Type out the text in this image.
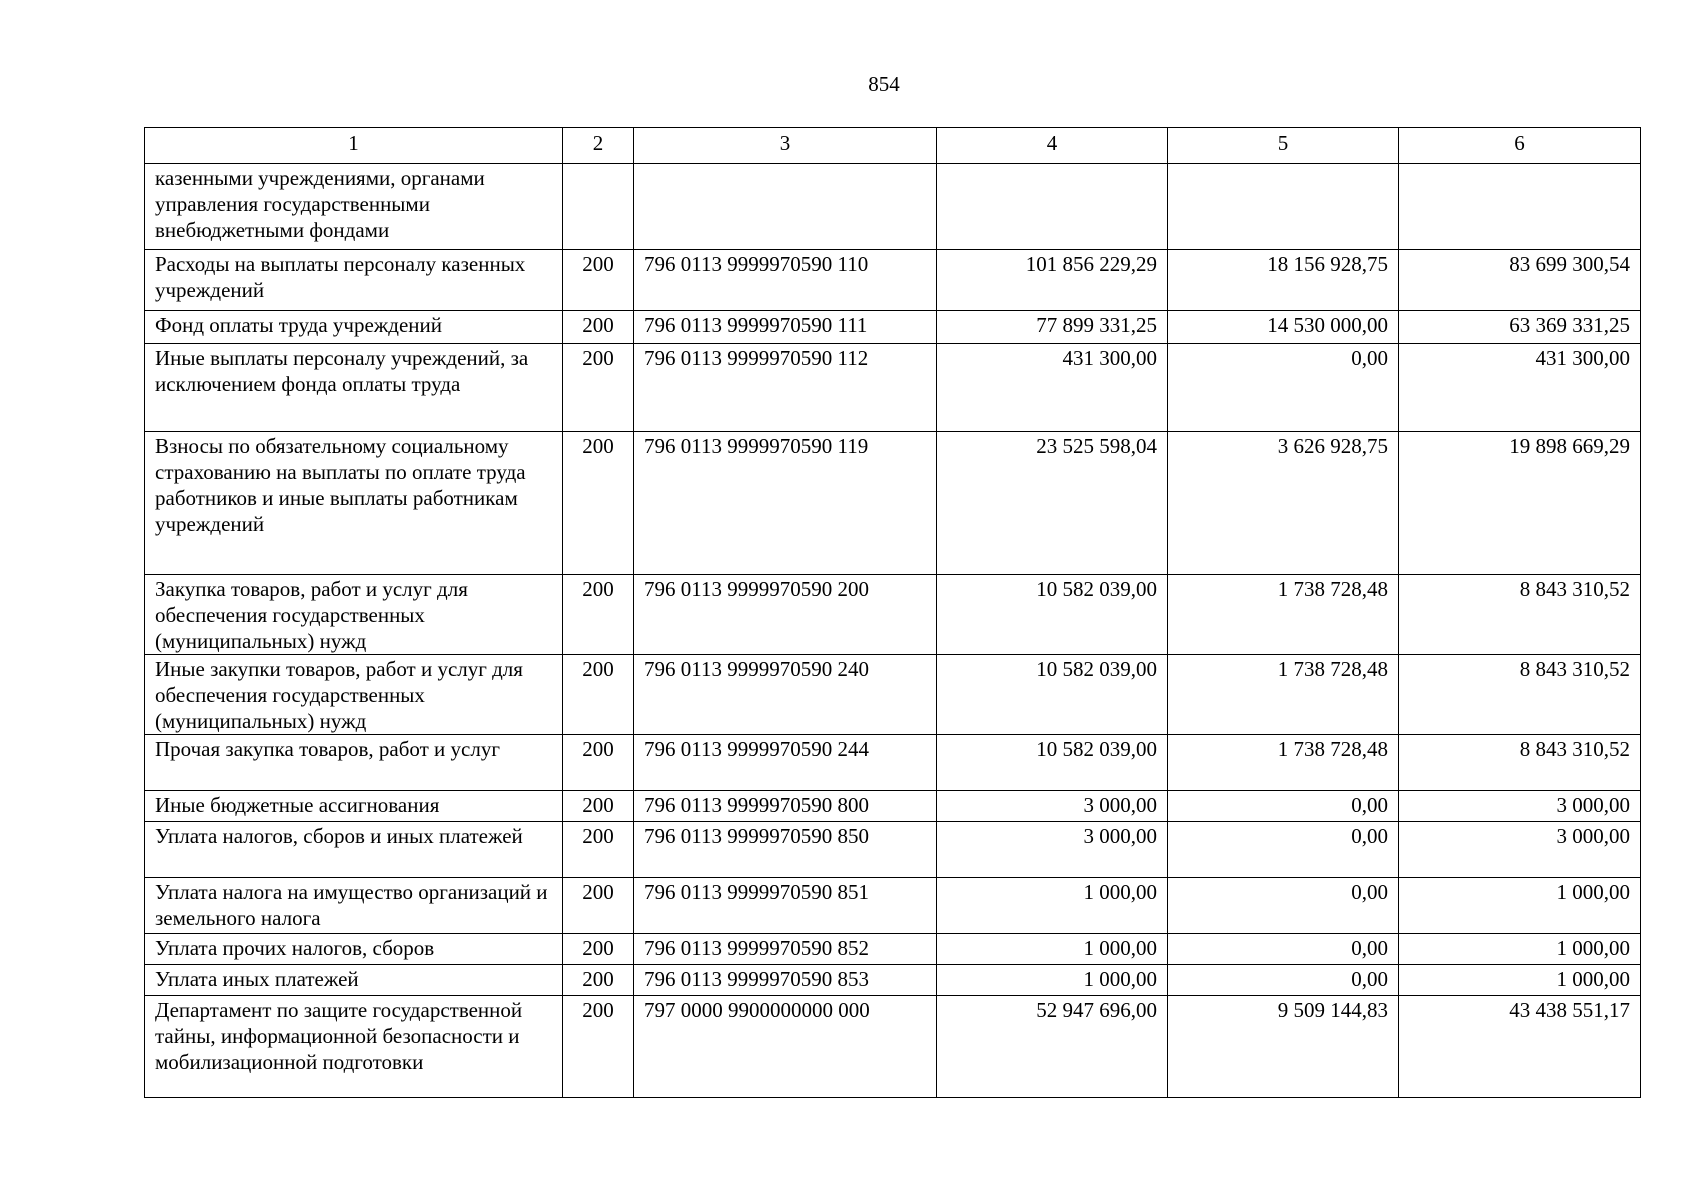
854
1	2	3	4	5	6
казенными учреждениями, органами управления государственными внебюджетными фондами					
Расходы на выплаты персоналу казенных учреждений	200	796 0113 9999970590 110	101 856 229,29	18 156 928,75	83 699 300,54
Фонд оплаты труда учреждений	200	796 0113 9999970590 111	77 899 331,25	14 530 000,00	63 369 331,25
Иные выплаты персоналу учреждений, за исключением фонда оплаты труда	200	796 0113 9999970590 112	431 300,00	0,00	431 300,00
Взносы по обязательному социальному страхованию на выплаты по оплате труда работников и иные выплаты работникам учреждений	200	796 0113 9999970590 119	23 525 598,04	3 626 928,75	19 898 669,29
Закупка товаров, работ и услуг для обеспечения государственных (муниципальных) нужд	200	796 0113 9999970590 200	10 582 039,00	1 738 728,48	8 843 310,52
Иные закупки товаров, работ и услуг для обеспечения государственных (муниципальных) нужд	200	796 0113 9999970590 240	10 582 039,00	1 738 728,48	8 843 310,52
Прочая закупка товаров, работ и услуг	200	796 0113 9999970590 244	10 582 039,00	1 738 728,48	8 843 310,52
Иные бюджетные ассигнования	200	796 0113 9999970590 800	3 000,00	0,00	3 000,00
Уплата налогов, сборов и иных платежей	200	796 0113 9999970590 850	3 000,00	0,00	3 000,00
Уплата налога на имущество организаций и земельного налога	200	796 0113 9999970590 851	1 000,00	0,00	1 000,00
Уплата прочих налогов, сборов	200	796 0113 9999970590 852	1 000,00	0,00	1 000,00
Уплата иных платежей	200	796 0113 9999970590 853	1 000,00	0,00	1 000,00
Департамент по защите государственной тайны, информационной безопасности и мобилизационной подготовки	200	797 0000 9900000000 000	52 947 696,00	9 509 144,83	43 438 551,17
